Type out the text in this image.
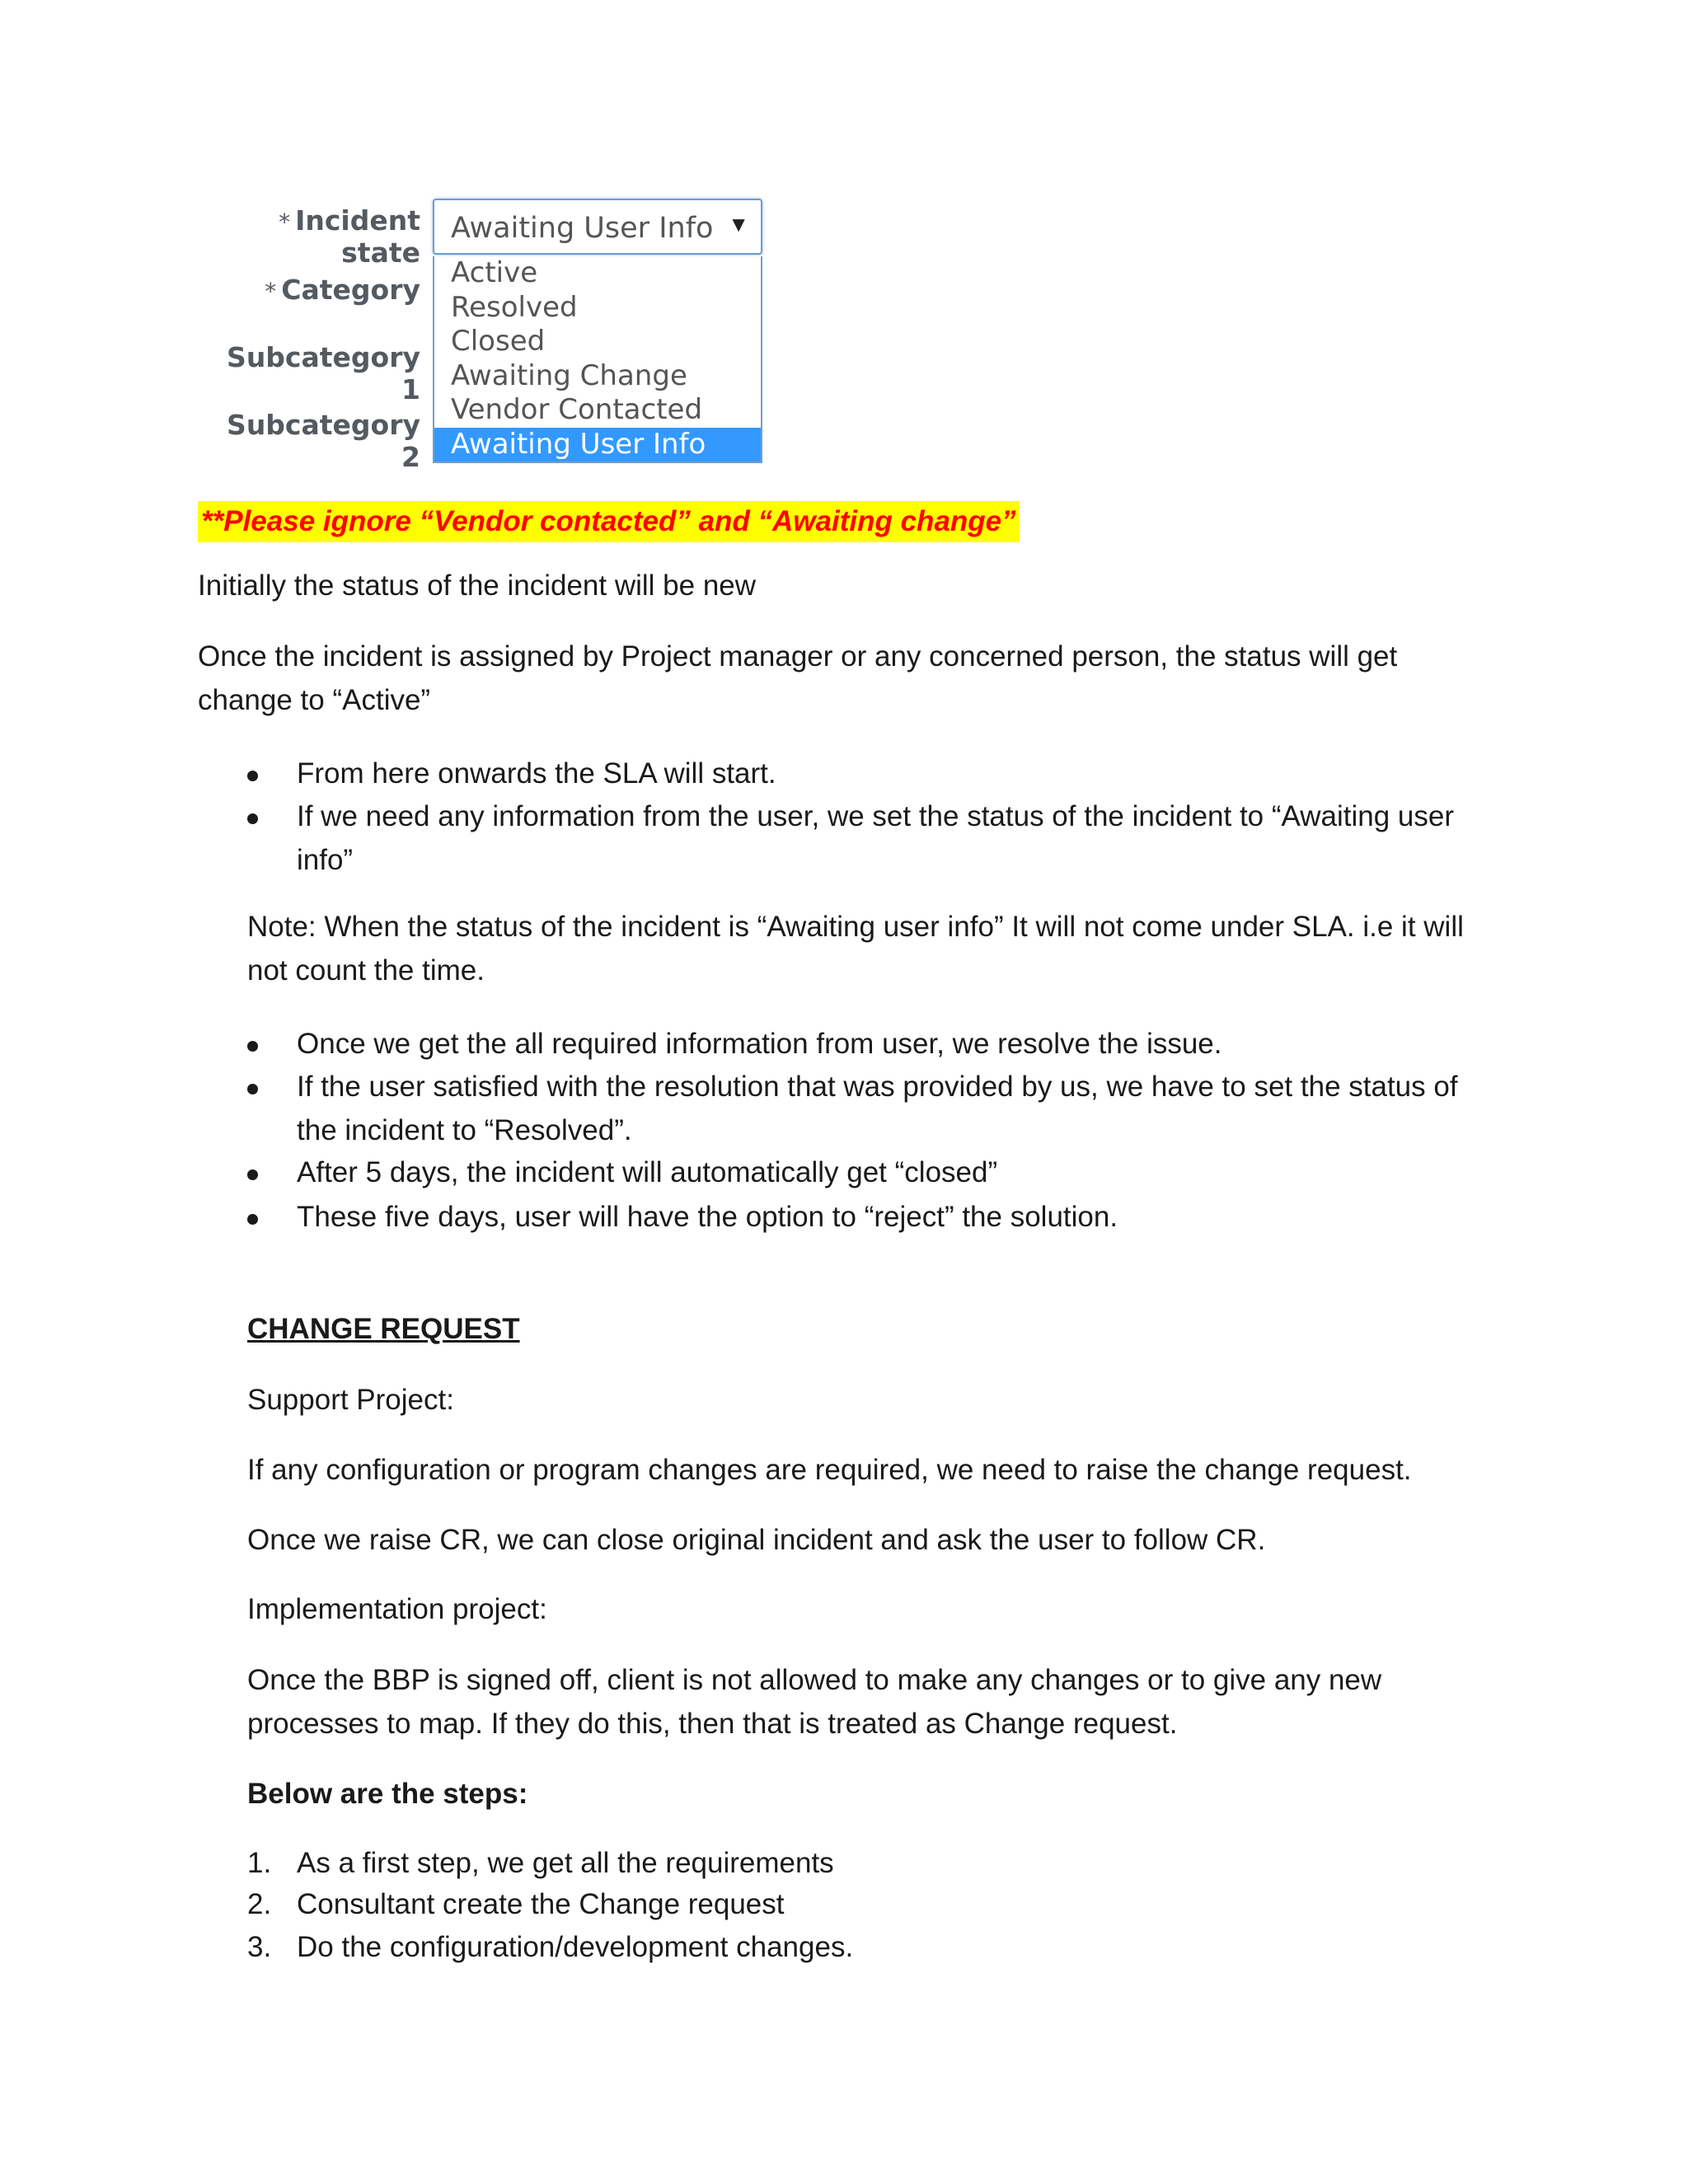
* Incident state
* Category
Subcategory 1
Subcategory 2
Awaiting User Info ▼
Active
Resolved
Closed
Awaiting Change
Vendor Contacted
Awaiting User Info
**Please ignore “Vendor contacted” and “Awaiting change”
Initially the status of the incident will be new
Once the incident is assigned by Project manager or any concerned person, the status will get change to “Active”
From here onwards the SLA will start.
If we need any information from the user, we set the status of the incident to “Awaiting user info”
Note: When the status of the incident is “Awaiting user info” It will not come under SLA. i.e it will not count the time.
Once we get the all required information from user, we resolve the issue.
If the user satisfied with the resolution that was provided by us, we have to set the status of the incident to “Resolved”.
After 5 days, the incident will automatically get “closed”
These five days, user will have the option to “reject” the solution.
CHANGE REQUEST
Support Project:
If any configuration or program changes are required, we need to raise the change request.
Once we raise CR, we can close original incident and ask the user to follow CR.
Implementation project:
Once the BBP is signed off, client is not allowed to make any changes or to give any new processes to map. If they do this, then that is treated as Change request.
Below are the steps:
1. As a first step, we get all the requirements
2. Consultant create the Change request
3. Do the configuration/development changes.
